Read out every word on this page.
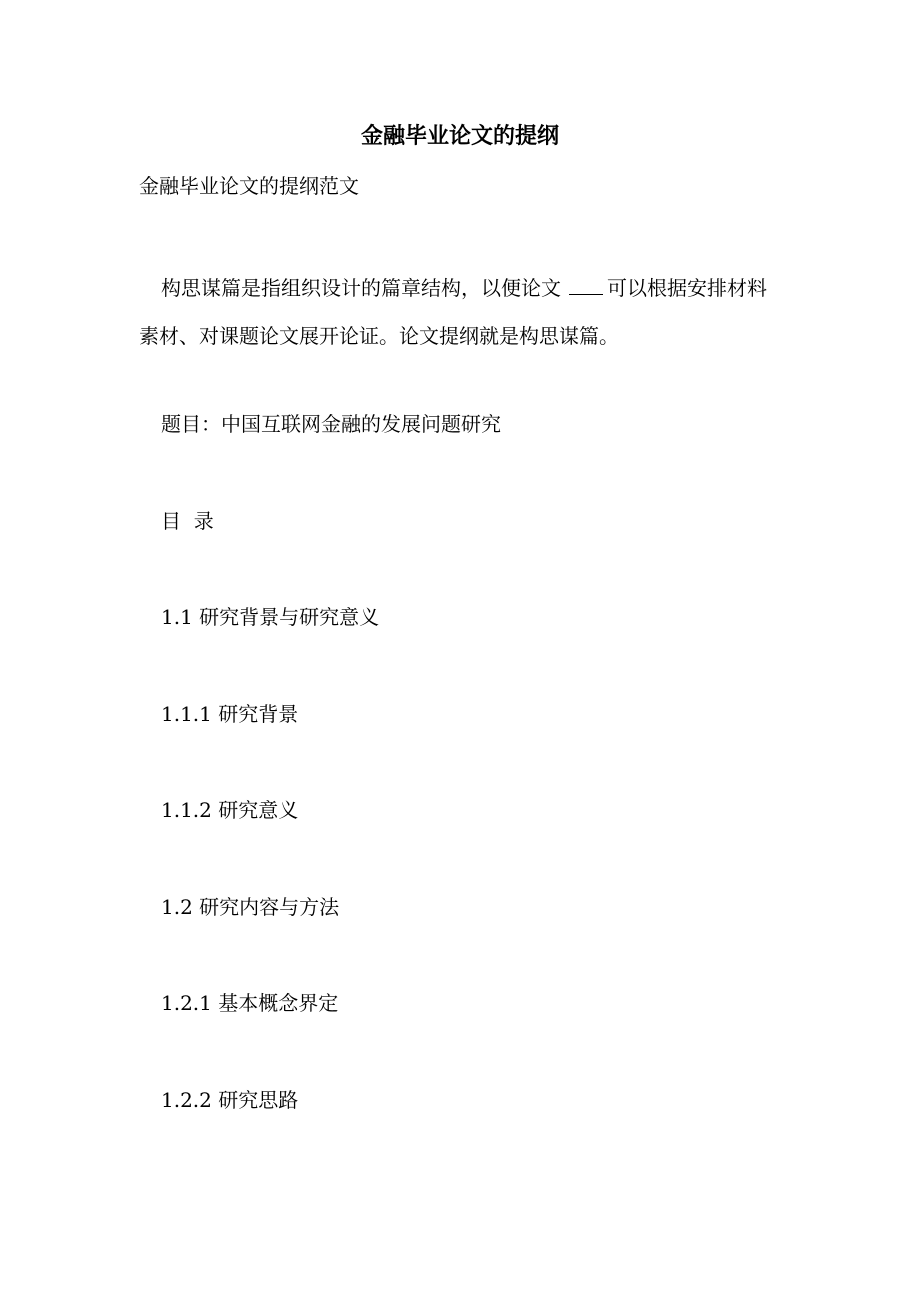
金融毕业论文的提纲
金融毕业论文的提纲范文
构思谋篇是指组织设计的篇章结构，以便论文 可以根据安排材料素材、对课题论文展开论证。论文提纲就是构思谋篇。
题目：中国互联网金融的发展问题研究
目  录
1.1 研究背景与研究意义
1.1.1 研究背景
1.1.2 研究意义
1.2 研究内容与方法
1.2.1 基本概念界定
1.2.2 研究思路
